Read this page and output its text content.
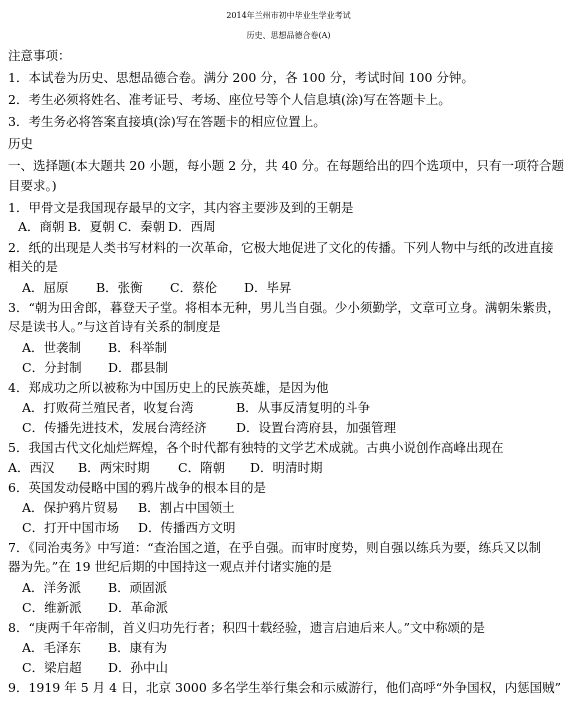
2014年兰州市初中毕业生学业考试
历史、思想品德合卷(A)
注意事项：
1．本试卷为历史、思想品德合卷。满分 200 分，各 100 分，考试时间 100 分钟。
2．考生必须将姓名、准考证号、考场、座位号等个人信息填(涂)写在答题卡上。
3．考生务必将答案直接填(涂)写在答题卡的相应位置上。
历史
一、选择题(本大题共 20 小题，每小题 2 分，共 40 分。在每题给出的四个选项中，只有一项符合题
目要求。)
1．甲骨文是我国现存最早的文字，其内容主要涉及到的王朝是
A．商朝 B．夏朝 C．秦朝 D．西周
2．纸的出现是人类书写材料的一次革命，它极大地促进了文化的传播。下列人物中与纸的改进直接
相关的是
A．屈原 B．张衡 C．蔡伦 D．毕昇
3．“朝为田舍郎，暮登天子堂。将相本无种，男儿当自强。少小须勤学，文章可立身。满朝朱紫贵，
尽是读书人。”与这首诗有关系的制度是
A．世袭制 B．科举制
C．分封制 D．郡县制
4．郑成功之所以被称为中国历史上的民族英雄，是因为他
A．打败荷兰殖民者，收复台湾	B．从事反清复明的斗争
C．传播先进技术，发展台湾经济 D．设置台湾府县，加强管理
5．我国古代文化灿烂辉煌，各个时代都有独特的文学艺术成就。古典小说创作高峰出现在
A．西汉 B．两宋时期 C．隋朝 D．明清时期
6．英国发动侵略中国的鸦片战争的根本目的是
A．保护鸦片贸易 B．割占中国领土
C．打开中国市场 D．传播西方文明
7．《同治夷务》中写道：“查治国之道，在乎自强。而审时度势，则自强以练兵为要，练兵又以制
器为先。”在 19 世纪后期的中国持这一观点并付诸实施的是
A．洋务派 B．顽固派
C．维新派 D．革命派
8．“庚两千年帝制，首义归功先行者；积四十载经验，遗言启迪后来人。”文中称颂的是
A．毛泽东 B．康有为
C．梁启超 D．孙中山
9．1919 年 5 月 4 日，北京 3000 多名学生举行集会和示威游行，他们高呼“外争国权，内惩国贼”
